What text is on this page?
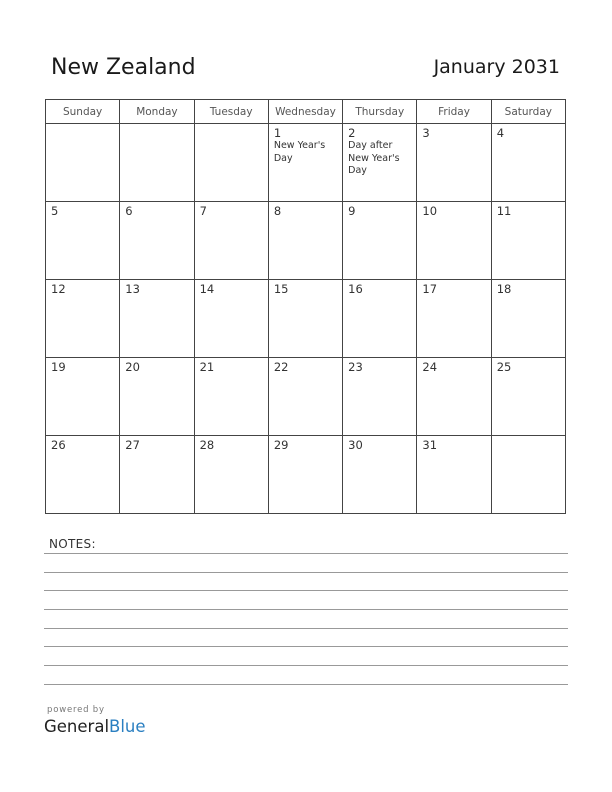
New Zealand	January 2031
Sunday	Monday	Tuesday	Wednesday	Thursday	Friday	Saturday

			1
New Year's
Day	2
Day after
New Year's
Day	3	4

5	6	7	8	9	10	11

12	13	14	15	16	17	18

19	20	21	22	23	24	25

26	27	28	29	30	31	

NOTES:
powered by
GeneralBlue
